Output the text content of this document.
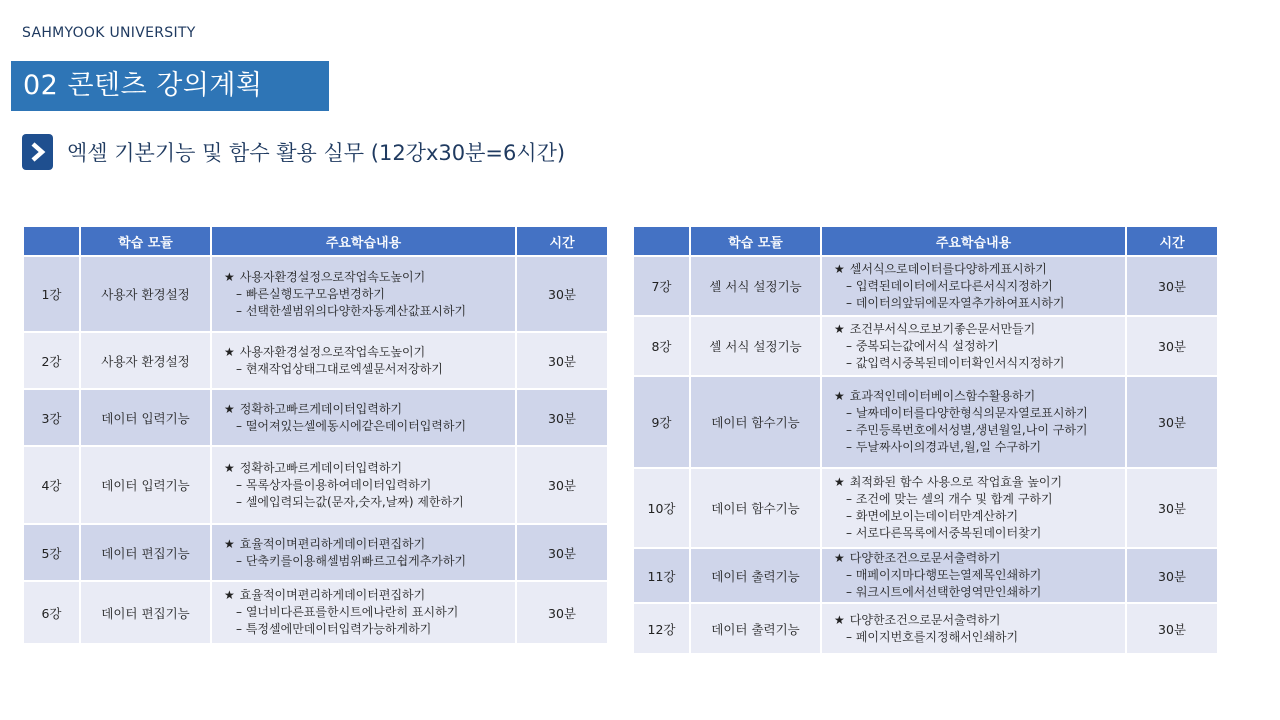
SAHMYOOK UNIVERSITY
02 콘텐츠 강의계획
엑셀 기본기능 및 함수 활용 실무 (12강x30분=6시간)
	학습 모듈	주요학습내용	시간
1강	사용자 환경설정	★ 사용자환경설정으로작업속도높이기
– 빠른실행도구모음변경하기
– 선택한셀범위의다양한자동계산값표시하기	30분
2강	사용자 환경설정	★ 사용자환경설정으로작업속도높이기
– 현재작업상태그대로엑셀문서저장하기	30분
3강	데이터 입력기능	★ 정확하고빠르게데이터입력하기
– 떨어져있는셀에동시에같은데이터입력하기	30분
4강	데이터 입력기능	★ 정확하고빠르게데이터입력하기
– 목록상자를이용하여데이터입력하기
– 셀에입력되는값(문자,숫자,날짜) 제한하기	30분
5강	데이터 편집기능	★ 효율적이며편리하게데이터편집하기
– 단축키를이용해셀범위빠르고쉽게추가하기	30분
6강	데이터 편집기능	★ 효율적이며편리하게데이터편집하기
– 열너비다른표를한시트에나란히 표시하기
– 특정셀에만데이터입력가능하게하기	30분
	학습 모듈	주요학습내용	시간
7강	셀 서식 설정기능	★ 셀서식으로데이터를다양하게표시하기
– 입력된데이터에서로다른서식지정하기
– 데이터의앞뒤에문자열추가하여표시하기	30분
8강	셀 서식 설정기능	★ 조건부서식으로보기좋은문서만들기
– 중복되는값에서식 설정하기
– 값입력시중복된데이터확인서식지정하기	30분
9강	데이터 함수기능	★ 효과적인데이터베이스함수활용하기
– 날짜데이터를다양한형식의문자열로표시하기
– 주민등록번호에서성별,생년월일,나이 구하기
– 두날짜사이의경과년,월,일 수구하기	30분
10강	데이터 함수기능	★ 최적화된 함수 사용으로 작업효율 높이기
– 조건에 맞는 셀의 개수 및 합계 구하기
– 화면에보이는데이터만계산하기
– 서로다른목록에서중복된데이터찾기	30분
11강	데이터 출력기능	★ 다양한조건으로문서출력하기
– 매페이지마다행또는열제목인쇄하기
– 워크시트에서선택한영역만인쇄하기	30분
12강	데이터 출력기능	★ 다양한조건으로문서출력하기
– 페이지번호를지정해서인쇄하기	30분
